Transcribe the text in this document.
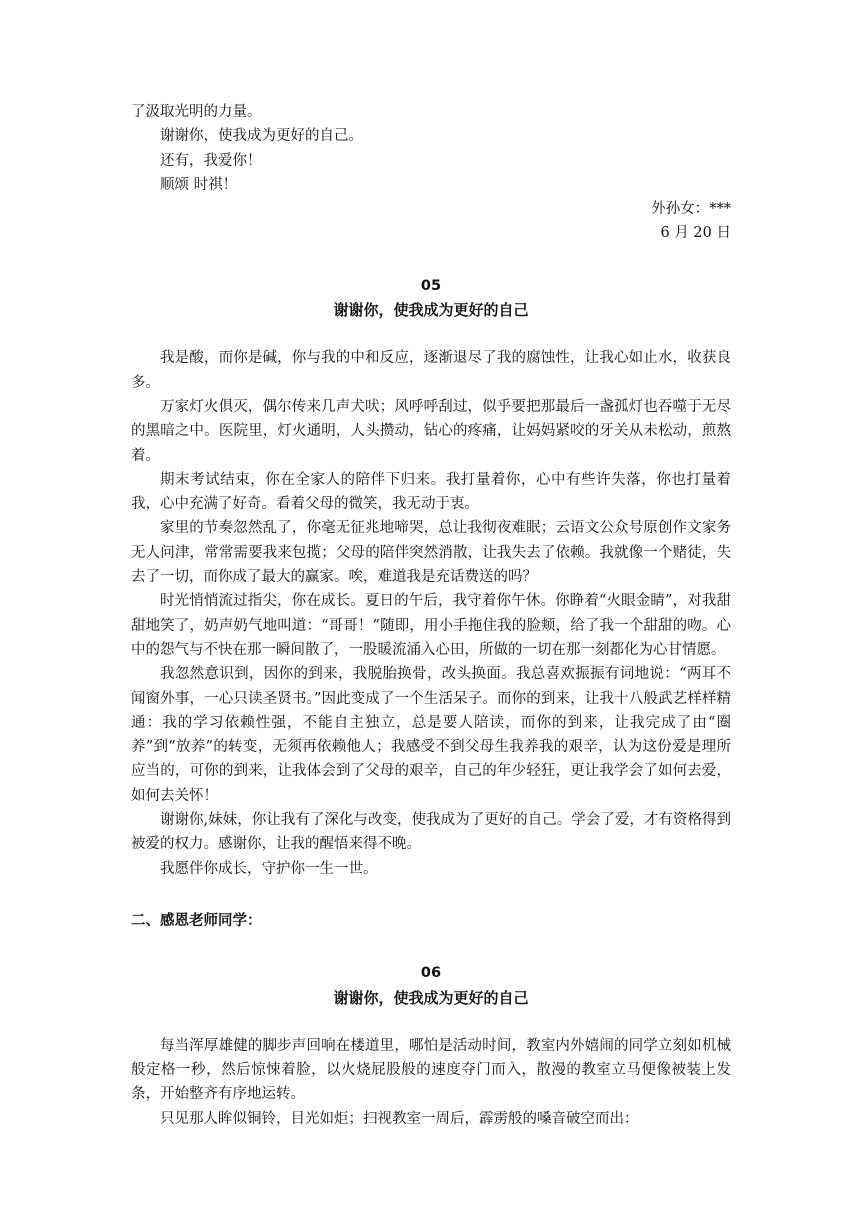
了汲取光明的力量。

谢谢你，使我成为更好的自己。

还有，我爱你！

顺颂 时祺！

外孙女：***

6 月 20 日

05

谢谢你，使我成为更好的自己

我是酸，而你是碱，你与我的中和反应，逐渐退尽了我的腐蚀性，让我心如止水，收获良多。

万家灯火俱灭，偶尔传来几声犬吠；风呼呼刮过，似乎要把那最后一盏孤灯也吞噬于无尽的黑暗之中。医院里，灯火通明，人头攒动，钻心的疼痛，让妈妈紧咬的牙关从未松动，煎熬着。

期末考试结束，你在全家人的陪伴下归来。我打量着你，心中有些许失落，你也打量着我，心中充满了好奇。看着父母的微笑，我无动于衷。

家里的节奏忽然乱了，你毫无征兆地啼哭，总让我彻夜难眠；云语文公众号原创作文家务无人问津，常常需要我来包揽；父母的陪伴突然消散，让我失去了依赖。我就像一个赌徒，失去了一切，而你成了最大的赢家。唉，难道我是充话费送的吗？

时光悄悄流过指尖，你在成长。夏日的午后，我守着你午休。你睁着“火眼金睛”，对我甜甜地笑了，奶声奶气地叫道：“哥哥！”随即，用小手拖住我的脸颊，给了我一个甜甜的吻。心中的怨气与不快在那一瞬间散了，一股暖流涌入心田，所做的一切在那一刻都化为心甘情愿。

我忽然意识到，因你的到来，我脱胎换骨，改头换面。我总喜欢振振有词地说：“两耳不闻窗外事，一心只读圣贤书。”因此变成了一个生活呆子。而你的到来，让我十八般武艺样样精通：我的学习依赖性强，不能自主独立，总是要人陪读，而你的到来，让我完成了由“圈养”到“放养”的转变，无须再依赖他人；我感受不到父母生我养我的艰辛，认为这份爱是理所应当的，可你的到来，让我体会到了父母的艰辛，自己的年少轻狂，更让我学会了如何去爱，如何去关怀！

谢谢你,妹妹，你让我有了深化与改变，使我成为了更好的自己。学会了爱，才有资格得到被爱的权力。感谢你，让我的醒悟来得不晚。

我愿伴你成长，守护你一生一世。

二、感恩老师同学：

06

谢谢你，使我成为更好的自己

每当浑厚雄健的脚步声回响在楼道里，哪怕是活动时间，教室内外嬉闹的同学立刻如机械般定格一秒，然后惊悚着脸，以火烧屁股般的速度夺门而入，散漫的教室立马便像被装上发条，开始整齐有序地运转。

只见那人眸似铜铃，目光如炬；扫视教室一周后，霹雳般的嗓音破空而出：
